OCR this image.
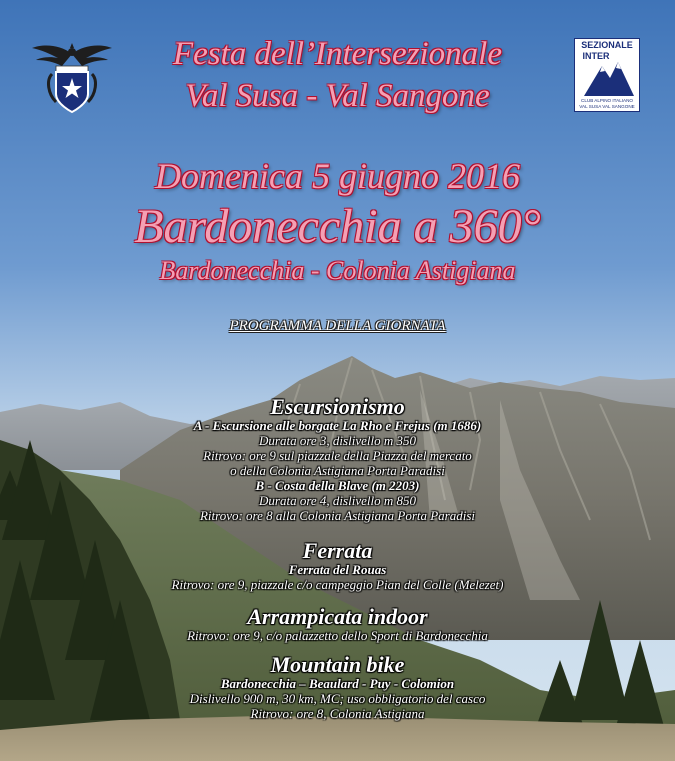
SEZIONALE
INTER
CLUB ALPINO ITALIANO
VAL SUSA VAL SANGONE
Festa dell’Intersezionale
Val Susa - Val Sangone
Domenica 5 giugno 2016
Bardonecchia a 360°
Bardonecchia - Colonia Astigiana
PROGRAMMA DELLA GIORNATA
Escursionismo
A - Escursione alle borgate La Rho e Frejus (m 1686)
Durata ore 3, dislivello m 350
Ritrovo: ore 9 sul piazzale della Piazza del mercato
o della Colonia Astigiana Porta Paradisi
B - Costa della Blave (m 2203)
Durata ore 4, dislivello m 850
Ritrovo: ore 8 alla Colonia Astigiana Porta Paradisi
Ferrata
Ferrata del Rouas
Ritrovo: ore 9, piazzale c/o campeggio Pian del Colle (Melezet)
Arrampicata indoor
Ritrovo: ore 9, c/o palazzetto dello Sport di Bardonecchia
Mountain bike
Bardonecchia – Beaulard - Puy - Colomion
Dislivello 900 m, 30 km, MC; uso obbligatorio del casco
Ritrovo: ore 8, Colonia Astigiana
